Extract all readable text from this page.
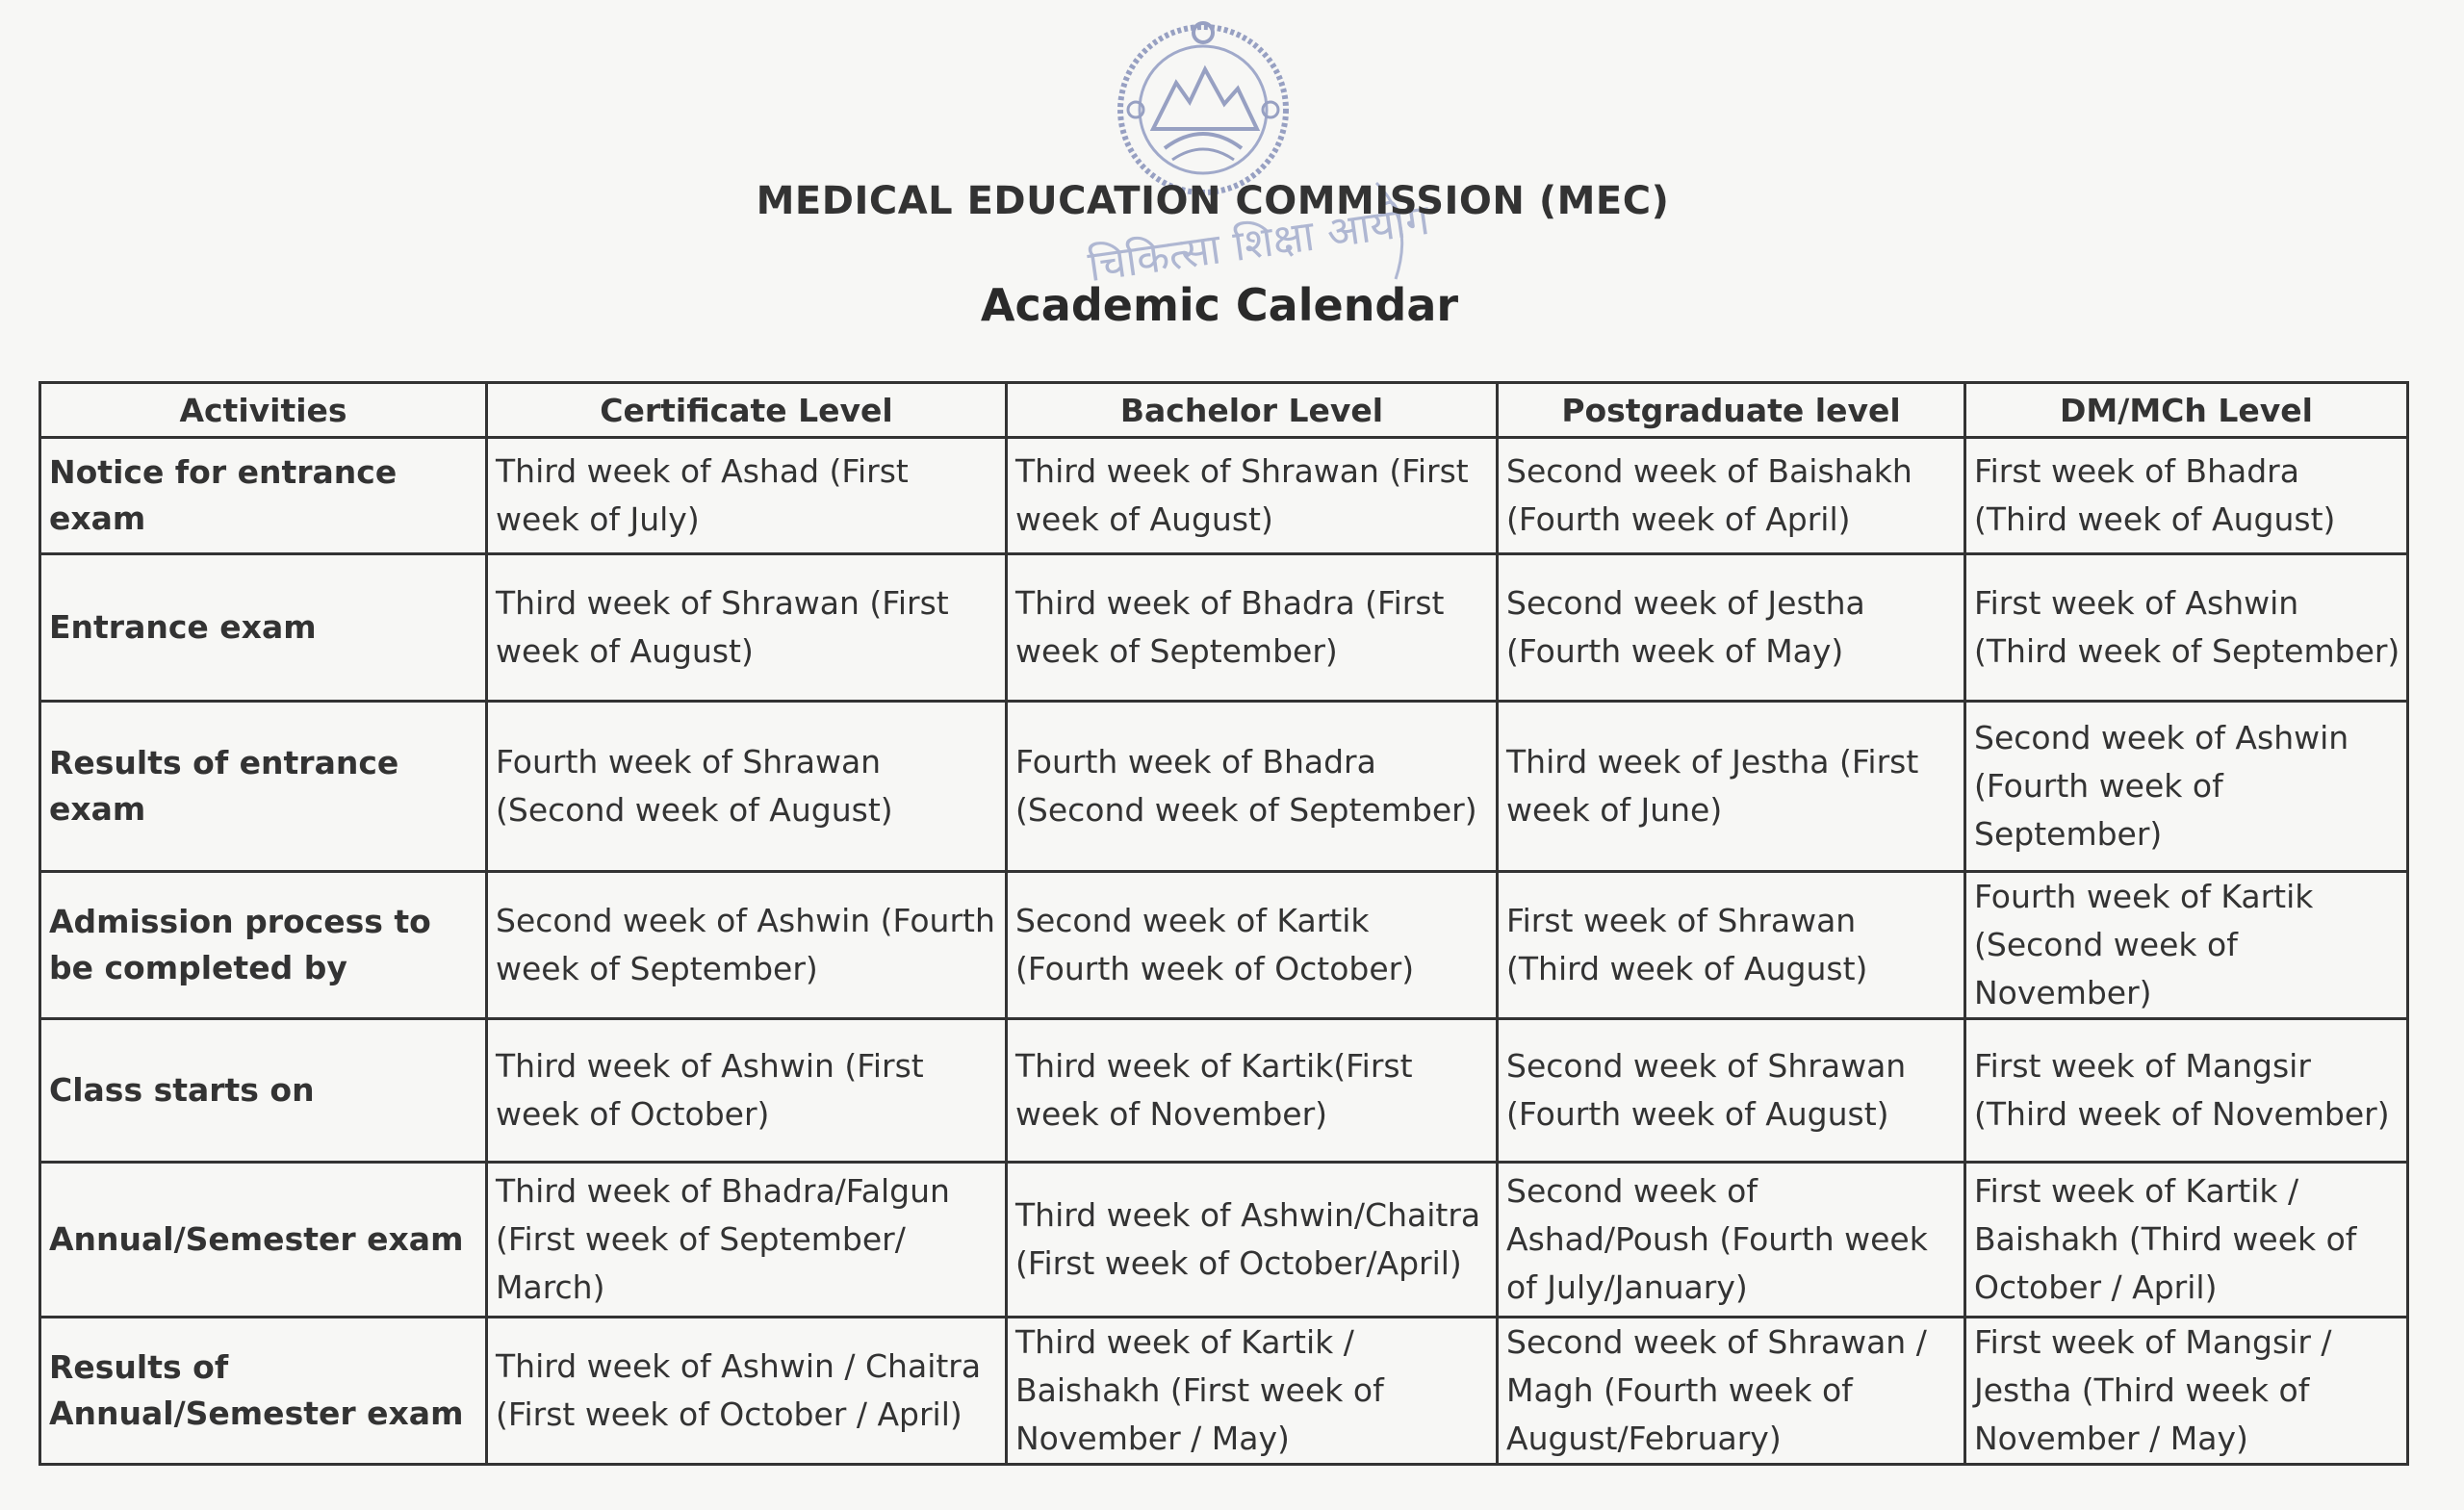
चिकित्सा शिक्षा आयोग
MEDICAL EDUCATION COMMISSION (MEC)
Academic Calendar
Activities	Certificate Level	Bachelor Level	Postgraduate level	DM/MCh Level
Notice for entrance exam	Third week of Ashad (First week of July)	Third week of Shrawan (First week of August)	Second week of Baishakh (Fourth week of April)	First week of Bhadra (Third week of August)
Entrance exam	Third week of Shrawan (First week of August)	Third week of Bhadra (First week of September)	Second week of Jestha (Fourth week of May)	First week of Ashwin (Third week of September)
Results of entrance exam	Fourth week of Shrawan (Second week of August)	Fourth week of Bhadra (Second week of September)	Third week of Jestha (First week of June)	Second week of Ashwin (Fourth week of September)
Admission process to be completed by	Second week of Ashwin (Fourth week of September)	Second week of Kartik (Fourth week of October)	First week of Shrawan (Third week of August)	Fourth week of Kartik (Second week of November)
Class starts on	Third week of Ashwin (First week of October)	Third week of Kartik(First week of November)	Second week of Shrawan (Fourth week of August)	First week of Mangsir (Third week of November)
Annual/Semester exam	Third week of Bhadra/Falgun (First week of September/ March)	Third week of Ashwin/Chaitra (First week of October/April)	Second week of Ashad/Poush (Fourth week of July/January)	First week of Kartik / Baishakh (Third week of October / April)
Results of Annual/Semester exam	Third week of Ashwin / Chaitra (First week of October / April)	Third week of Kartik / Baishakh (First week of November / May)	Second week of Shrawan / Magh (Fourth week of August/February)	First week of Mangsir / Jestha (Third week of November / May)
